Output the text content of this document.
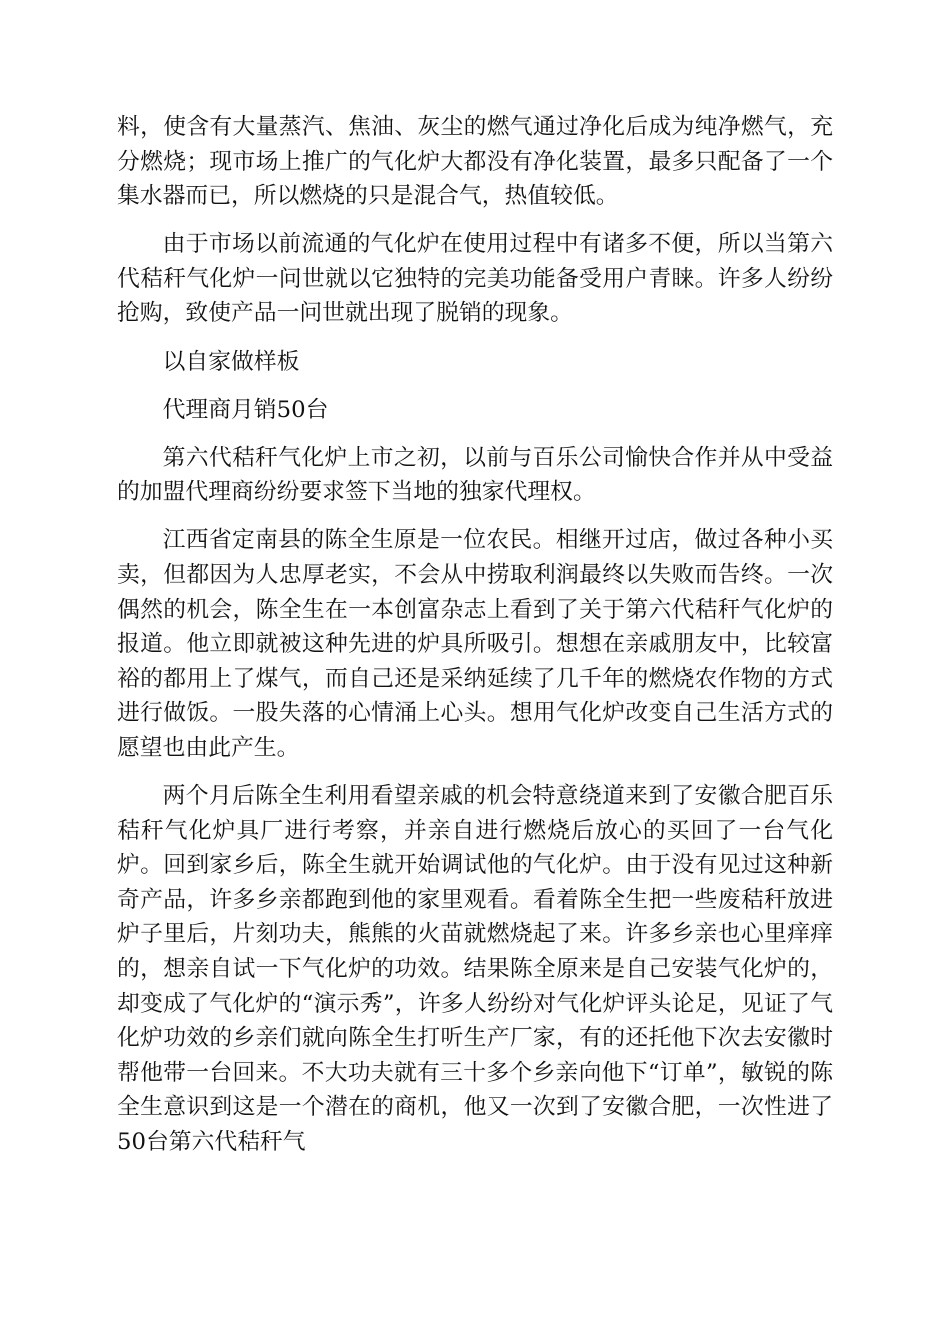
料，使含有大量蒸汽、焦油、灰尘的燃气通过净化后成为纯净燃气，充分燃烧；现市场上推广的气化炉大都没有净化装置，最多只配备了一个集水器而已，所以燃烧的只是混合气，热值较低。

由于市场以前流通的气化炉在使用过程中有诸多不便，所以当第六代秸秆气化炉一问世就以它独特的完美功能备受用户青睐。许多人纷纷抢购，致使产品一问世就出现了脱销的现象。

以自家做样板

代理商月销50台

第六代秸秆气化炉上市之初，以前与百乐公司愉快合作并从中受益的加盟代理商纷纷要求签下当地的独家代理权。

江西省定南县的陈全生原是一位农民。相继开过店，做过各种小买卖，但都因为人忠厚老实，不会从中捞取利润最终以失败而告终。一次偶然的机会，陈全生在一本创富杂志上看到了关于第六代秸秆气化炉的报道。他立即就被这种先进的炉具所吸引。想想在亲戚朋友中，比较富裕的都用上了煤气，而自己还是采纳延续了几千年的燃烧农作物的方式进行做饭。一股失落的心情涌上心头。想用气化炉改变自己生活方式的愿望也由此产生。

两个月后陈全生利用看望亲戚的机会特意绕道来到了安徽合肥百乐秸秆气化炉具厂进行考察，并亲自进行燃烧后放心的买回了一台气化炉。回到家乡后，陈全生就开始调试他的气化炉。由于没有见过这种新奇产品，许多乡亲都跑到他的家里观看。看着陈全生把一些废秸秆放进炉子里后，片刻功夫，熊熊的火苗就燃烧起了来。许多乡亲也心里痒痒的，想亲自试一下气化炉的功效。结果陈全原来是自己安装气化炉的，却变成了气化炉的“演示秀”，许多人纷纷对气化炉评头论足，见证了气化炉功效的乡亲们就向陈全生打听生产厂家，有的还托他下次去安徽时帮他带一台回来。不大功夫就有三十多个乡亲向他下“订单”，敏锐的陈全生意识到这是一个潜在的商机，他又一次到了安徽合肥，一次性进了50台第六代秸秆气
